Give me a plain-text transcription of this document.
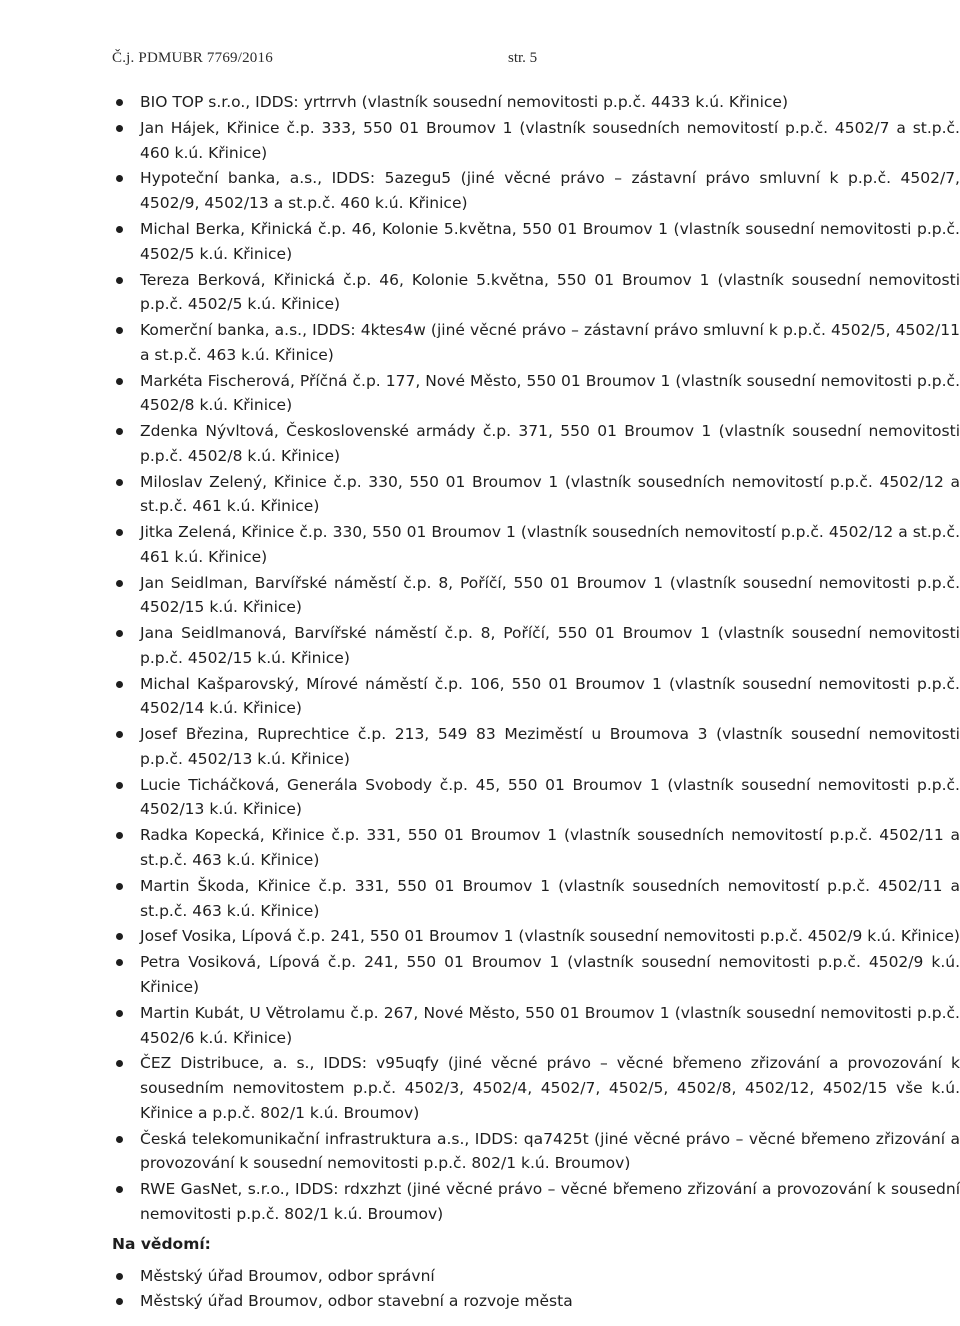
Č.j. PDMUBR 7769/2016	str. 5
BIO TOP s.r.o., IDDS: yrtrrvh (vlastník sousední nemovitosti p.p.č. 4433 k.ú. Křinice)
Jan Hájek, Křinice č.p. 333, 550 01 Broumov 1 (vlastník sousedních nemovitostí p.p.č. 4502/7 a st.p.č. 460 k.ú. Křinice)
Hypoteční banka, a.s., IDDS: 5azegu5 (jiné věcné právo – zástavní právo smluvní k p.p.č. 4502/7, 4502/9, 4502/13 a st.p.č. 460 k.ú. Křinice)
Michal Berka, Křinická č.p. 46, Kolonie 5.května, 550 01 Broumov 1 (vlastník sousední nemovitosti p.p.č. 4502/5 k.ú. Křinice)
Tereza Berková, Křinická č.p. 46, Kolonie 5.května, 550 01 Broumov 1 (vlastník sousední nemovitosti p.p.č. 4502/5 k.ú. Křinice)
Komerční banka, a.s., IDDS: 4ktes4w (jiné věcné právo – zástavní právo smluvní k p.p.č. 4502/5, 4502/11 a st.p.č. 463 k.ú. Křinice)
Markéta Fischerová, Příčná č.p. 177, Nové Město, 550 01 Broumov 1 (vlastník sousední nemovitosti p.p.č. 4502/8 k.ú. Křinice)
Zdenka Nývltová, Československé armády č.p. 371, 550 01 Broumov 1 (vlastník sousední nemovitosti p.p.č. 4502/8 k.ú. Křinice)
Miloslav Zelený, Křinice č.p. 330, 550 01 Broumov 1 (vlastník sousedních nemovitostí p.p.č. 4502/12 a st.p.č. 461 k.ú. Křinice)
Jitka Zelená, Křinice č.p. 330, 550 01 Broumov 1 (vlastník sousedních nemovitostí p.p.č. 4502/12 a st.p.č. 461 k.ú. Křinice)
Jan Seidlman, Barvířské náměstí č.p. 8, Poříčí, 550 01 Broumov 1 (vlastník sousední nemovitosti p.p.č. 4502/15 k.ú. Křinice)
Jana Seidlmanová, Barvířské náměstí č.p. 8, Poříčí, 550 01 Broumov 1 (vlastník sousední nemovitosti p.p.č. 4502/15 k.ú. Křinice)
Michal Kašparovský, Mírové náměstí č.p. 106, 550 01 Broumov 1 (vlastník sousední nemovitosti p.p.č. 4502/14 k.ú. Křinice)
Josef Březina, Ruprechtice č.p. 213, 549 83 Meziměstí u Broumova 3 (vlastník sousední nemovitosti p.p.č. 4502/13 k.ú. Křinice)
Lucie Ticháčková, Generála Svobody č.p. 45, 550 01 Broumov 1 (vlastník sousední nemovitosti p.p.č. 4502/13 k.ú. Křinice)
Radka Kopecká, Křinice č.p. 331, 550 01 Broumov 1 (vlastník sousedních nemovitostí p.p.č. 4502/11 a st.p.č. 463 k.ú. Křinice)
Martin Škoda, Křinice č.p. 331, 550 01 Broumov 1 (vlastník sousedních nemovitostí p.p.č. 4502/11 a st.p.č. 463 k.ú. Křinice)
Josef Vosika, Lípová č.p. 241, 550 01 Broumov 1 (vlastník sousední nemovitosti p.p.č. 4502/9 k.ú. Křinice)
Petra Vosiková, Lípová č.p. 241, 550 01 Broumov 1 (vlastník sousední nemovitosti p.p.č. 4502/9 k.ú. Křinice)
Martin Kubát, U Větrolamu č.p. 267, Nové Město, 550 01 Broumov 1 (vlastník sousední nemovitosti p.p.č. 4502/6 k.ú. Křinice)
ČEZ Distribuce, a. s., IDDS: v95uqfy (jiné věcné právo – věcné břemeno zřizování a provozování k sousedním nemovitostem p.p.č. 4502/3, 4502/4, 4502/7, 4502/5, 4502/8, 4502/12, 4502/15 vše k.ú. Křinice a p.p.č. 802/1 k.ú. Broumov)
Česká telekomunikační infrastruktura a.s., IDDS: qa7425t (jiné věcné právo – věcné břemeno zřizování a provozování k sousední nemovitosti p.p.č. 802/1 k.ú. Broumov)
RWE GasNet, s.r.o., IDDS: rdxzhzt (jiné věcné právo – věcné břemeno zřizování a provozování k sousední nemovitosti p.p.č. 802/1 k.ú. Broumov)
Na vědomí:
Městský úřad Broumov, odbor správní
Městský úřad Broumov, odbor stavební a rozvoje města
